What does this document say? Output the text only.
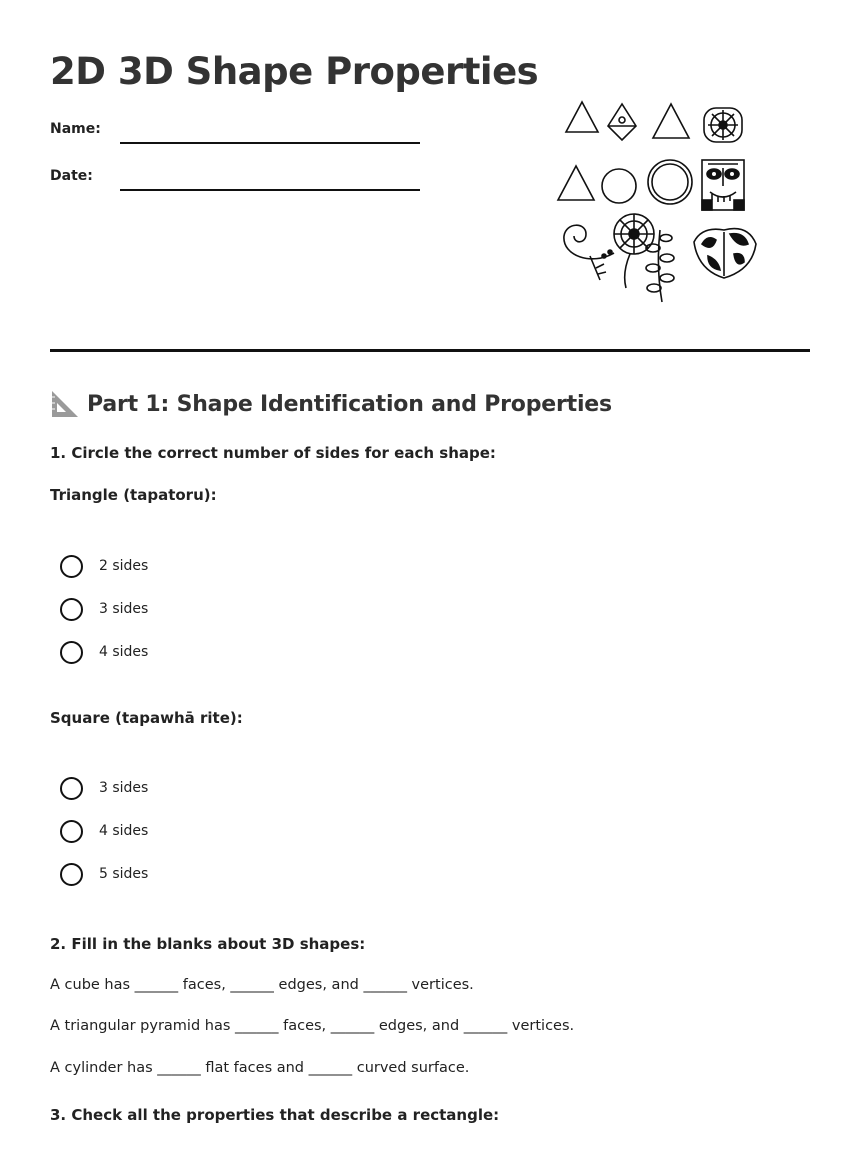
2D 3D Shape Properties
Name:
Date:
Part 1: Shape Identification and Properties
1. Circle the correct number of sides for each shape:
Triangle (tapatoru):
2 sides
3 sides
4 sides
Square (tapawhā rite):
3 sides
4 sides
5 sides
2. Fill in the blanks about 3D shapes:
A cube has ______ faces, ______ edges, and ______ vertices.
A triangular pyramid has ______ faces, ______ edges, and ______ vertices.
A cylinder has ______ flat faces and ______ curved surface.
3. Check all the properties that describe a rectangle:
